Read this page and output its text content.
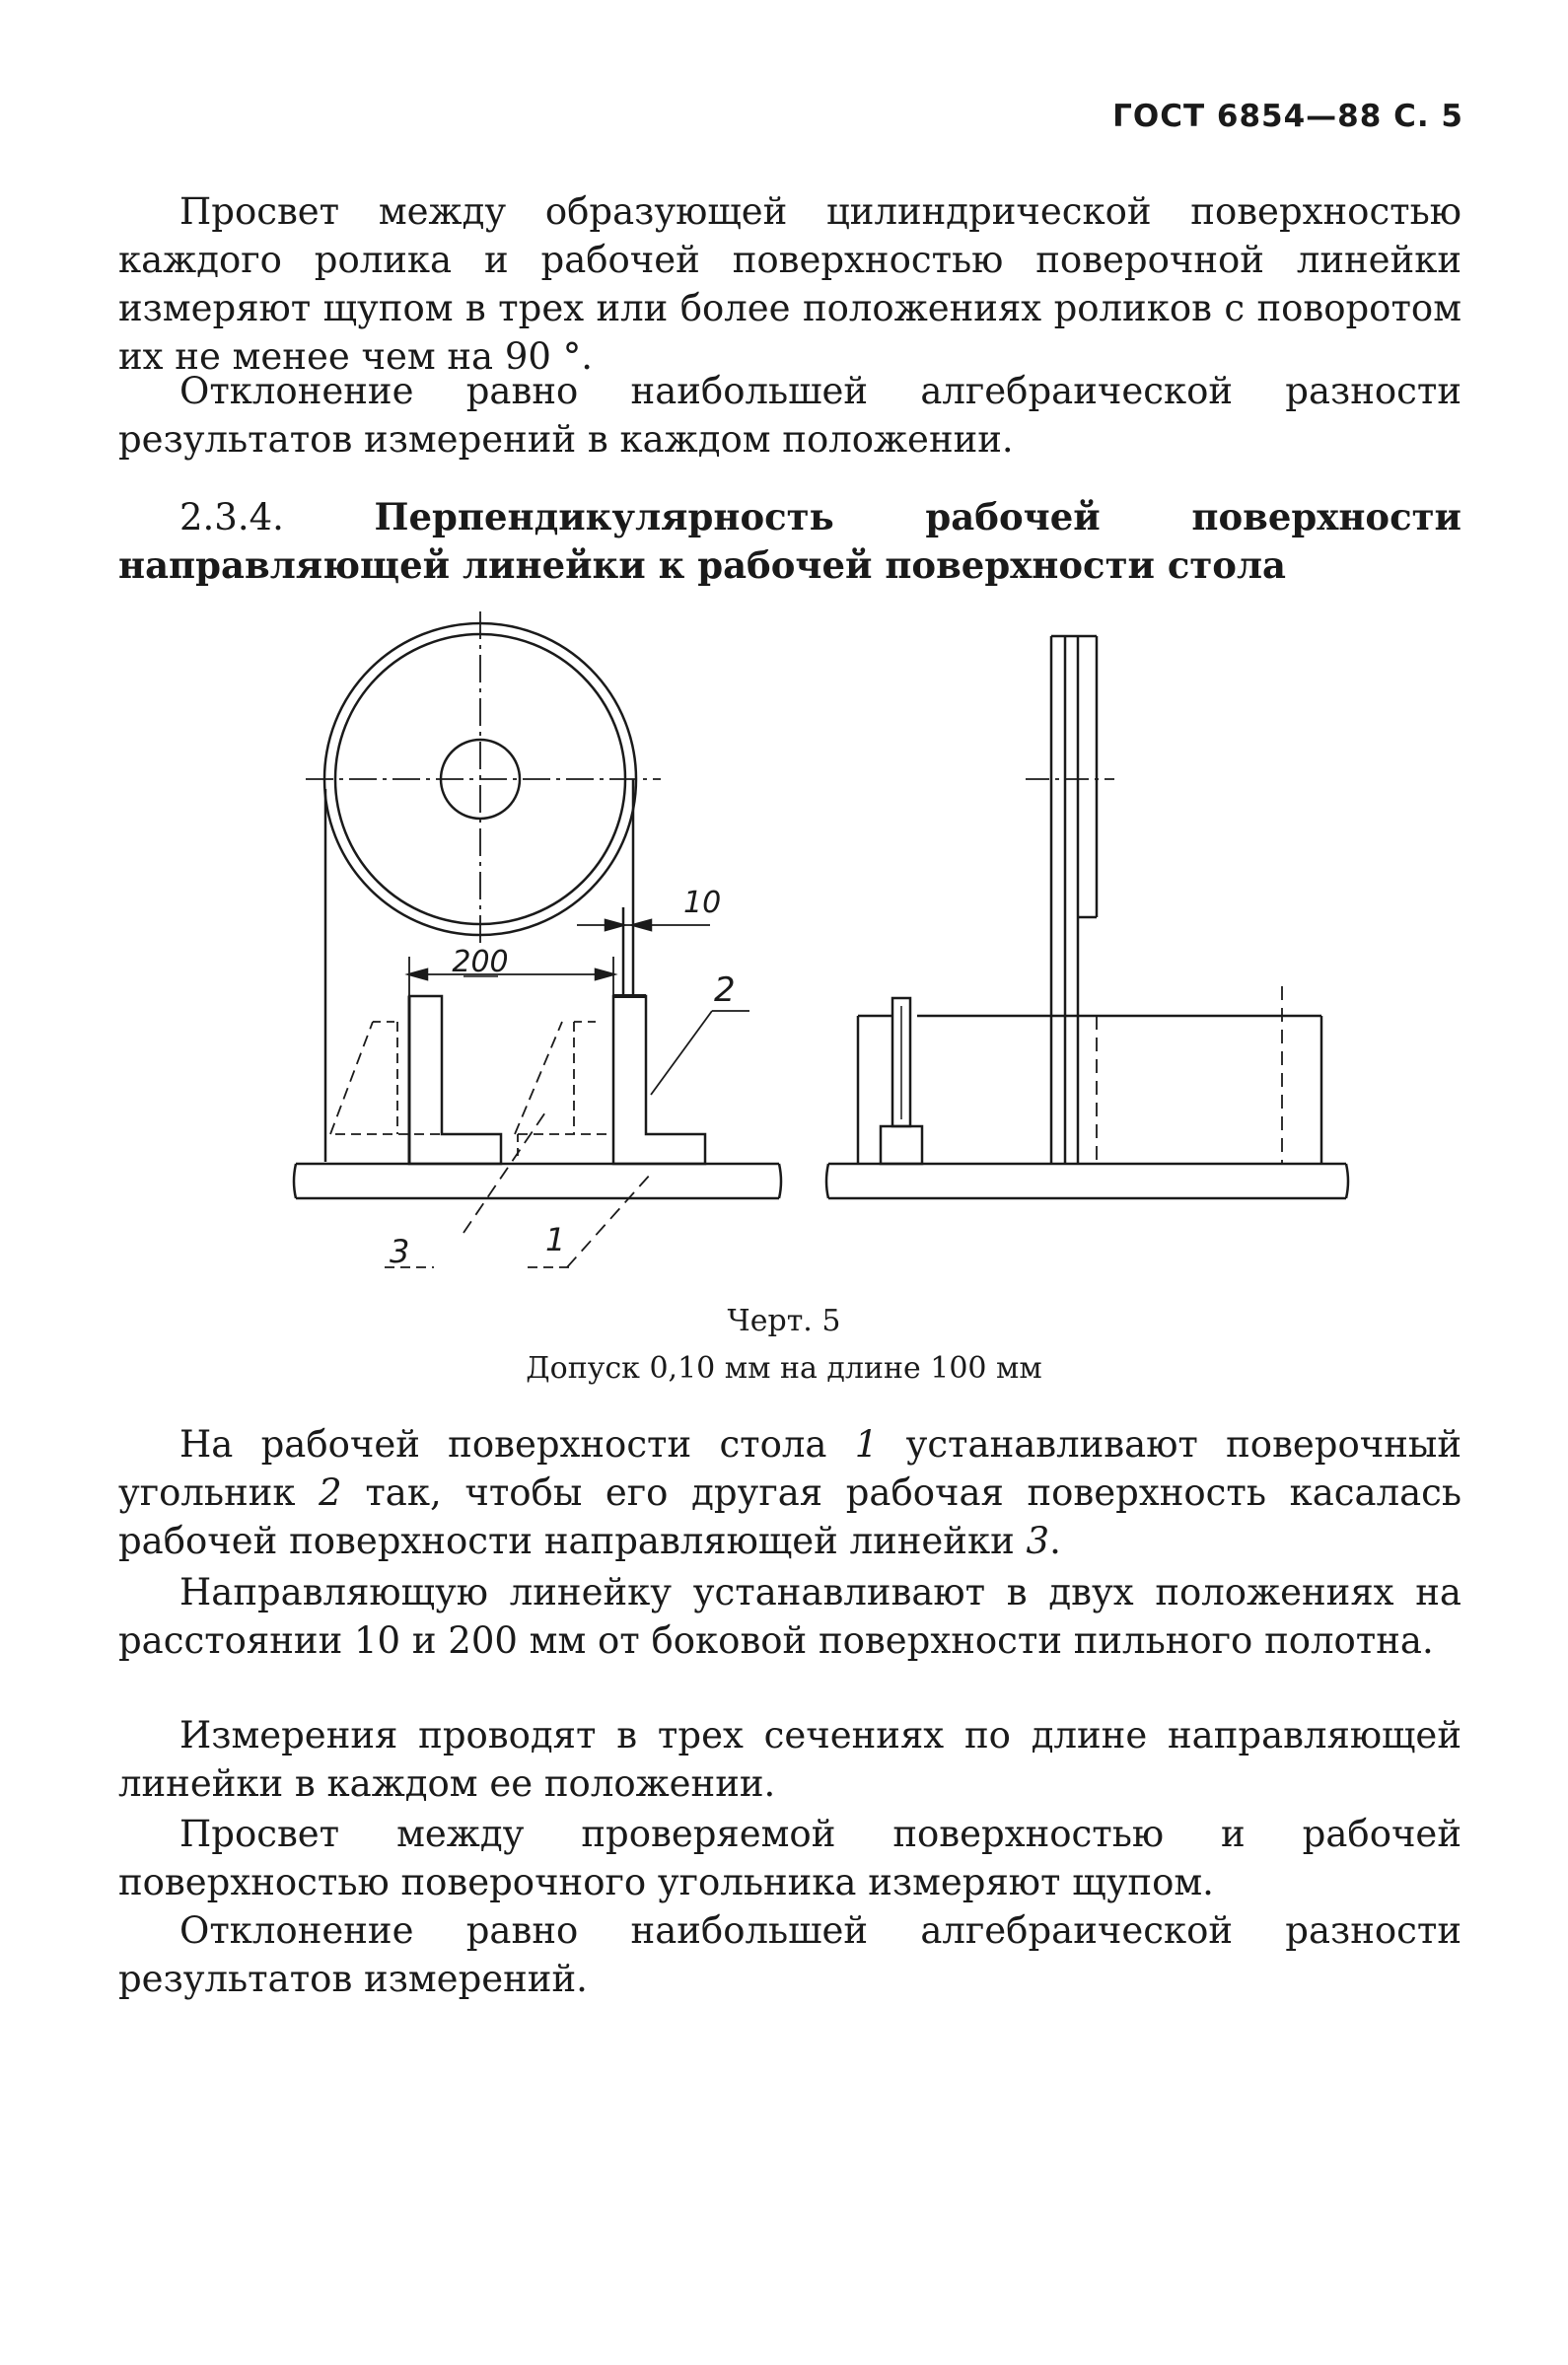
ГОСТ 6854—88 С. 5
Просвет между образующей цилиндрической поверхностью каждого ролика и рабочей поверхностью поверочной линейки измеряют щупом в трех или более положениях роликов с поворотом их не менее чем на 90 °.
Отклонение равно наибольшей алгебраической разности результатов измерений в каждом положении.
2.3.4. Перпендикулярность рабочей поверхности направляющей линейки к рабочей поверхности стола
200
10
2
3	1
Черт. 5
Допуск 0,10 мм на длине 100 мм
На рабочей поверхности стола 1 устанавливают поверочный угольник 2 так, чтобы его другая рабочая поверхность касалась рабочей поверхности направляющей линейки 3.
Направляющую линейку устанавливают в двух положениях на расстоянии 10 и 200 мм от боковой поверхности пильного полотна.
Измерения проводят в трех сечениях по длине направляющей линейки в каждом ее положении.
Просвет между проверяемой поверхностью и рабочей поверхностью поверочного угольника измеряют щупом.
Отклонение равно наибольшей алгебраической разности результатов измерений.
